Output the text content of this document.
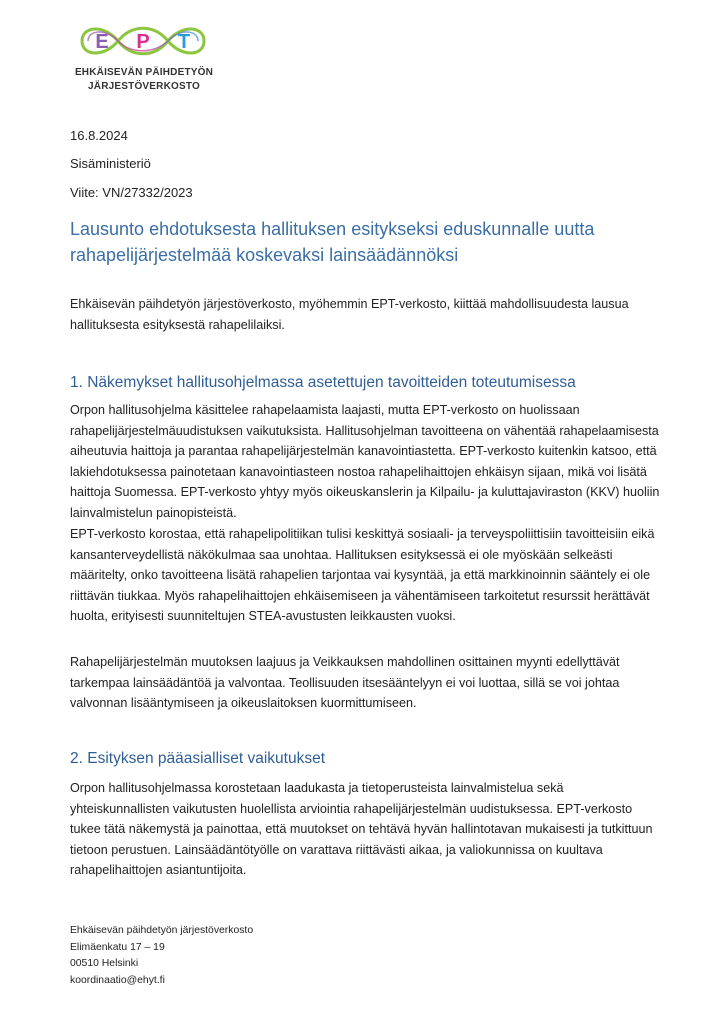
E P T
EHKÄISEVÄN PÄIHDETYÖN
JÄRJESTÖVERKOSTO
16.8.2024
Sisäministeriö
Viite: VN/27332/2023
Lausunto ehdotuksesta hallituksen esitykseksi eduskunnalle uutta
rahapelijärjestelmää koskevaksi lainsäädännöksi

Ehkäisevän päihdetyön järjestöverkosto, myöhemmin EPT-verkosto, kiittää mahdollisuudesta lausua hallituksesta esityksestä rahapelilaiksi.

1. Näkemykset hallitusohjelmassa asetettujen tavoitteiden toteutumisessa

Orpon hallitusohjelma käsittelee rahapelaamista laajasti, mutta EPT-verkosto on huolissaan rahapelijärjestelmäuudistuksen vaikutuksista. Hallitusohjelman tavoitteena on vähentää rahapelaamisesta aiheutuvia haittoja ja parantaa rahapelijärjestelmän kanavointiastetta. EPT-verkosto kuitenkin katsoo, että lakiehdotuksessa painotetaan kanavointiasteen nostoa rahapelihaittojen ehkäisyn sijaan, mikä voi lisätä haittoja Suomessa. EPT-verkosto yhtyy myös oikeuskanslerin ja Kilpailu- ja kuluttajaviraston (KKV) huoliin lainvalmistelun painopisteistä.

EPT-verkosto korostaa, että rahapelipolitiikan tulisi keskittyä sosiaali- ja terveyspoliittisiin tavoitteisiin eikä kansanterveydellistä näkökulmaa saa unohtaa. Hallituksen esityksessä ei ole myöskään selkeästi määritelty, onko tavoitteena lisätä rahapelien tarjontaa vai kysyntää, ja että markkinoinnin sääntely ei ole riittävän tiukkaa. Myös rahapelihaittojen ehkäisemiseen ja vähentämiseen tarkoitetut resurssit herättävät huolta, erityisesti suunniteltujen STEA-avustusten leikkausten vuoksi.

Rahapelijärjestelmän muutoksen laajuus ja Veikkauksen mahdollinen osittainen myynti edellyttävät tarkempaa lainsäädäntöä ja valvontaa. Teollisuuden itsesääntelyyn ei voi luottaa, sillä se voi johtaa valvonnan lisääntymiseen ja oikeuslaitoksen kuormittumiseen.

2. Esityksen pääasialliset vaikutukset

Orpon hallitusohjelmassa korostetaan laadukasta ja tietoperusteista lainvalmistelua sekä yhteiskunnallisten vaikutusten huolellista arviointia rahapelijärjestelmän uudistuksessa. EPT-verkosto tukee tätä näkemystä ja painottaa, että muutokset on tehtävä hyvän hallintotavan mukaisesti ja tutkittuun tietoon perustuen. Lainsäädäntötyölle on varattava riittävästi aikaa, ja valiokunnissa on kuultava rahapelihaittojen asiantuntijoita.

Ehkäisevän päihdetyön järjestöverkosto
Elimäenkatu 17 – 19
00510 Helsinki
koordinaatio@ehyt.fi
